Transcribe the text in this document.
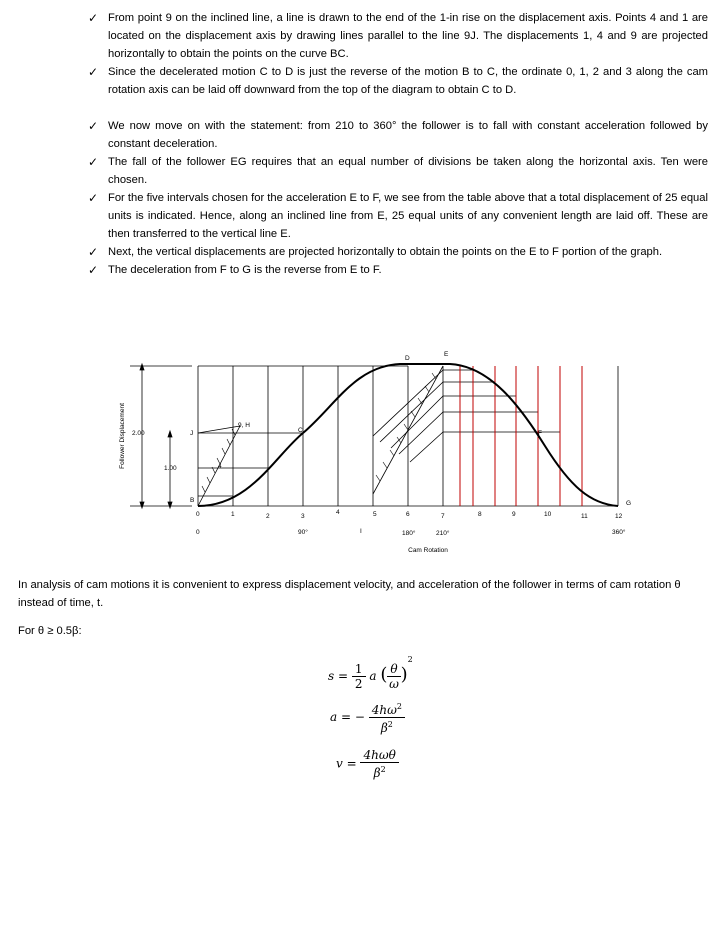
✓ From point 9 on the inclined line, a line is drawn to the end of the 1-in rise on the displacement axis. Points 4 and 1 are located on the displacement axis by drawing lines parallel to the line 9J. The displacements 1, 4 and 9 are projected horizontally to obtain the points on the curve BC.
✓ Since the decelerated motion C to D is just the reverse of the motion B to C, the ordinate 0, 1, 2 and 3 along the cam rotation axis can be laid off downward from the top of the diagram to obtain C to D.
✓ We now move on with the statement: from 210 to 360° the follower is to fall with constant acceleration followed by constant deceleration.
✓ The fall of the follower EG requires that an equal number of divisions be taken along the horizontal axis. Ten were chosen.
✓ For the five intervals chosen for the acceleration E to F, we see from the table above that a total displacement of 25 equal units is indicated. Hence, along an inclined line from E, 25 equal units of any convenient length are laid off. These are then transferred to the vertical line E.
✓ Next, the vertical displacements are projected horizontally to obtain the points on the E to F portion of the graph.
✓ The deceleration from F to G is the reverse from E to F.
Follower Displacement 2.00
1.00
J
9, H
4
B
C
D
E
F
G
I
0	1	2	3
4	5	6	7	8	9	10	11	12
0	90°	180°	210°	360°
Cam Rotation
In analysis of cam motions it is convenient to express displacement velocity, and acceleration of the follower in terms of cam rotation θ instead of time, t.
For θ ≥ 0.5β:
$s = \frac{1}{2}$ a ( $\frac{\theta}{\omega} )^2$
a = − $\frac{4h\omega^2}{\beta^2}$
$v = \frac{\text{4hωθ}}{\beta^2}$
